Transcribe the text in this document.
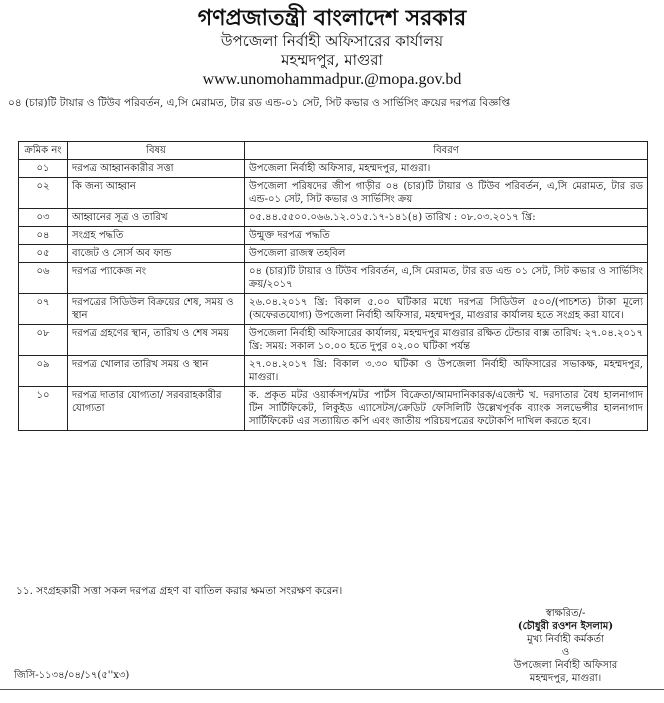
গণপ্রজাতন্ত্রী বাংলাদেশ সরকার
উপজেলা নির্বাহী অফিসারের কার্যালয়
মহম্মদপুর, মাগুরা
www.unomohammadpur.@mopa.gov.bd
০৪ (চার)টি টায়ার ও টিউব পরিবর্তন, এ,সি মেরামত, টার রড এন্ড-০১ সেট, সিট কভার ও সার্ভিসিং ক্রয়ের দরপত্র বিজ্ঞপ্তি
ক্রমিক নং	বিষয়	বিবরণ
০১	দরপত্র আহ্বানকারীর সত্তা	উপজেলা নির্বাহী অফিসার, মহম্মদপুর, মাগুরা।
০২	কি জন্য আহ্বান	উপজেলা পরিষদের জীপ গাড়ীর ০৪ (চার)টি টায়ার ও টিউব পরিবর্তন, এ,সি মেরামত, টার রড এন্ড-০১ সেট, সিট কভার ও সার্ভিসিং ক্রয়
০৩	আহ্বানের সূত্র ও তারিখ	০৫.৪৪.৫৫০০.০৬৬.১২.০১৫.১৭-১৪১(৪) তারিখ : ০৮.০৩.২০১৭ খ্রি:
০৪	সংগ্রহ পদ্ধতি	উন্মুক্ত দরপত্র পদ্ধতি
০৫	বাজেট ও সোর্স অব ফান্ড	উপজেলা রাজস্ব তহবিল
০৬	দরপত্র প্যাকেজ নং	০৪ (চার)টি টায়ার ও টিউব পরিবর্তন, এ,সি মেরামত, টার রড এন্ড ০১ সেট, সিট কভার ও সার্ভিসিং ক্রয়/২০১৭
০৭	দরপত্রের সিডিউল বিক্রয়ের শেষ, সময় ও স্থান	২৬.০৪.২০১৭ খ্রি: বিকাল ৫.০০ ঘটিকার মধ্যে দরপত্র সিডিউল ৫০০/(পাচশত) টাকা মূল্যে (অফেরতযোগ্য) উপজেলা নির্বাহী অফিসার, মহম্মদপুর, মাগুরার কার্যালয় হতে সংগ্রহ করা যাবে।
০৮	দরপত্র গ্রহণের স্থান, তারিখ ও শেষ সময়	উপজেলা নির্বাহী অফিসারের কার্যালয়, মহম্মদপুর মাগুরার রক্ষিত টেন্ডার বাক্স তারিখ: ২৭.০৪.২০১৭ খ্রি: সময়: সকাল ১০.০০ হতে দুপুর ০২.০০ ঘটিকা পর্যন্ত
০৯	দরপত্র খোলার তারিখ সময় ও স্থান	২৭.০৪.২০১৭ খ্রি: বিকাল ৩.৩০ ঘটিকা ও উপজেলা নির্বাহী অফিসারের সভাকক্ষ, মহম্মদপুর, মাগুরা।
১০	দরপত্র দাতার যোগ্যতা/ সরবরাহকারীর যোগ্যতা	ক. প্রকৃত মটর ওয়ার্কসপ/মটর পার্টস বিক্রেতা/আমদানিকারক/এজেন্ট খ. দরদাতার বৈধ হালনাগাদ টিন সার্টিফিকেট, লিকুইড এ্যাসেটস/ক্রেডিট ফেসিলিটি উল্লেখপূর্বক ব্যাংক সলভেন্সীর হালনাগাদ সার্টিফিকেট এর সত্যায়িত কপি এবং জাতীয় পরিচয়পত্রের ফটোকপি দাখিল করতে হবে।
১১. সংগ্রহকারী সত্তা সকল দরপত্র গ্রহণ বা বাতিল করার ক্ষমতা সংরক্ষণ করেন।
স্বাক্ষরিত/-
(চৌধুরী রওশন ইসলাম)
মুখ্য নির্বাহী কর্মকর্তা
ও
উপজেলা নির্বাহী অফিসার
মহম্মদপুর, মাগুরা।
জিসি-১১৩৪/০৪/১৭(৫''x৩)
